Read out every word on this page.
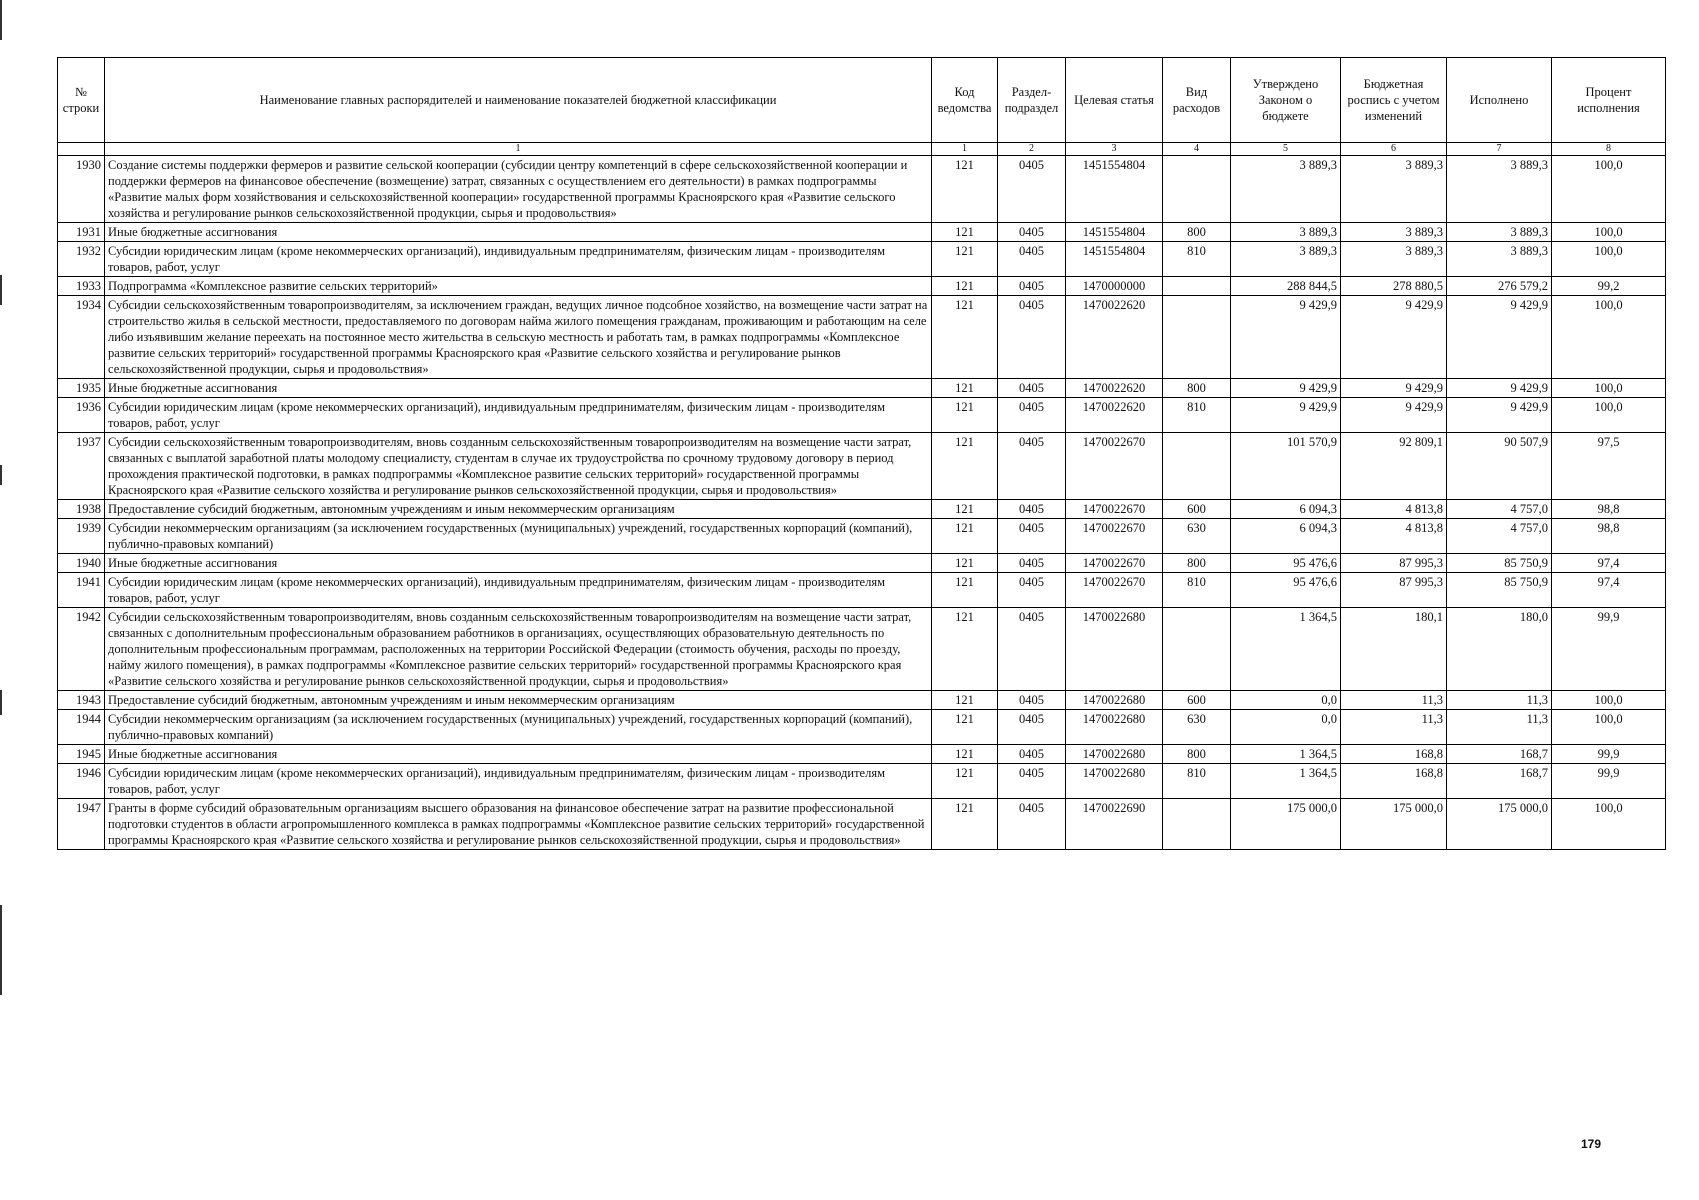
№ строки	Наименование главных распорядителей и наименование показателей бюджетной классификации	Код ведомства	Раздел-подраздел	Целевая статья	Вид расходов	Утверждено Законом о бюджете	Бюджетная роспись с учетом изменений	Исполнено	Процент исполнения
	1	1	2	3	4	5	6	7	8
1930	Создание системы поддержки фермеров и развитие сельской кооперации (субсидии центру компетенций в сфере сельскохозяйственной кооперации и поддержки фермеров на финансовое обеспечение (возмещение) затрат, связанных с осуществлением его деятельности) в рамках подпрограммы «Развитие малых форм хозяйствования и сельскохозяйственной кооперации» государственной программы Красноярского края «Развитие сельского хозяйства и регулирование рынков сельскохозяйственной продукции, сырья и продовольствия»	121	0405	1451554804		3 889,3	3 889,3	3 889,3	100,0
1931	Иные бюджетные ассигнования	121	0405	1451554804	800	3 889,3	3 889,3	3 889,3	100,0
1932	Субсидии юридическим лицам (кроме некоммерческих организаций), индивидуальным предпринимателям, физическим лицам - производителям товаров, работ, услуг	121	0405	1451554804	810	3 889,3	3 889,3	3 889,3	100,0
1933	Подпрограмма «Комплексное развитие сельских территорий»	121	0405	1470000000		288 844,5	278 880,5	276 579,2	99,2
1934	Субсидии сельскохозяйственным товаропроизводителям, за исключением граждан, ведущих личное подсобное хозяйство, на возмещение части затрат на строительство жилья в сельской местности, предоставляемого по договорам найма жилого помещения гражданам, проживающим и работающим на селе либо изъявившим желание переехать на постоянное место жительства в сельскую местность и работать там, в рамках подпрограммы «Комплексное развитие сельских территорий» государственной программы Красноярского края «Развитие сельского хозяйства и регулирование рынков сельскохозяйственной продукции, сырья и продовольствия»	121	0405	1470022620		9 429,9	9 429,9	9 429,9	100,0
1935	Иные бюджетные ассигнования	121	0405	1470022620	800	9 429,9	9 429,9	9 429,9	100,0
1936	Субсидии юридическим лицам (кроме некоммерческих организаций), индивидуальным предпринимателям, физическим лицам - производителям товаров, работ, услуг	121	0405	1470022620	810	9 429,9	9 429,9	9 429,9	100,0
1937	Субсидии сельскохозяйственным товаропроизводителям, вновь созданным сельскохозяйственным товаропроизводителям на возмещение части затрат, связанных с выплатой заработной платы молодому специалисту, студентам в случае их трудоустройства по срочному трудовому договору в период прохождения практической подготовки, в рамках подпрограммы «Комплексное развитие сельских территорий» государственной программы Красноярского края «Развитие сельского хозяйства и регулирование рынков сельскохозяйственной продукции, сырья и продовольствия»	121	0405	1470022670		101 570,9	92 809,1	90 507,9	97,5
1938	Предоставление субсидий бюджетным, автономным учреждениям и иным некоммерческим организациям	121	0405	1470022670	600	6 094,3	4 813,8	4 757,0	98,8
1939	Субсидии некоммерческим организациям (за исключением государственных (муниципальных) учреждений, государственных корпораций (компаний), публично-правовых компаний)	121	0405	1470022670	630	6 094,3	4 813,8	4 757,0	98,8
1940	Иные бюджетные ассигнования	121	0405	1470022670	800	95 476,6	87 995,3	85 750,9	97,4
1941	Субсидии юридическим лицам (кроме некоммерческих организаций), индивидуальным предпринимателям, физическим лицам - производителям товаров, работ, услуг	121	0405	1470022670	810	95 476,6	87 995,3	85 750,9	97,4
1942	Субсидии сельскохозяйственным товаропроизводителям, вновь созданным сельскохозяйственным товаропроизводителям на возмещение части затрат, связанных с дополнительным профессиональным образованием работников в организациях, осуществляющих образовательную деятельность по дополнительным профессиональным программам, расположенных на территории Российской Федерации (стоимость обучения, расходы по проезду, найму жилого помещения), в рамках подпрограммы «Комплексное развитие сельских территорий» государственной программы Красноярского края «Развитие сельского хозяйства и регулирование рынков сельскохозяйственной продукции, сырья и продовольствия»	121	0405	1470022680		1 364,5	180,1	180,0	99,9
1943	Предоставление субсидий бюджетным, автономным учреждениям и иным некоммерческим организациям	121	0405	1470022680	600	0,0	11,3	11,3	100,0
1944	Субсидии некоммерческим организациям (за исключением государственных (муниципальных) учреждений, государственных корпораций (компаний), публично-правовых компаний)	121	0405	1470022680	630	0,0	11,3	11,3	100,0
1945	Иные бюджетные ассигнования	121	0405	1470022680	800	1 364,5	168,8	168,7	99,9
1946	Субсидии юридическим лицам (кроме некоммерческих организаций), индивидуальным предпринимателям, физическим лицам - производителям товаров, работ, услуг	121	0405	1470022680	810	1 364,5	168,8	168,7	99,9
1947	Гранты в форме субсидий образовательным организациям высшего образования на финансовое обеспечение затрат на развитие профессиональной подготовки студентов в области агропромышленного комплекса в рамках подпрограммы «Комплексное развитие сельских территорий» государственной программы Красноярского края «Развитие сельского хозяйства и регулирование рынков сельскохозяйственной продукции, сырья и продовольствия»	121	0405	1470022690		175 000,0	175 000,0	175 000,0	100,0
179
